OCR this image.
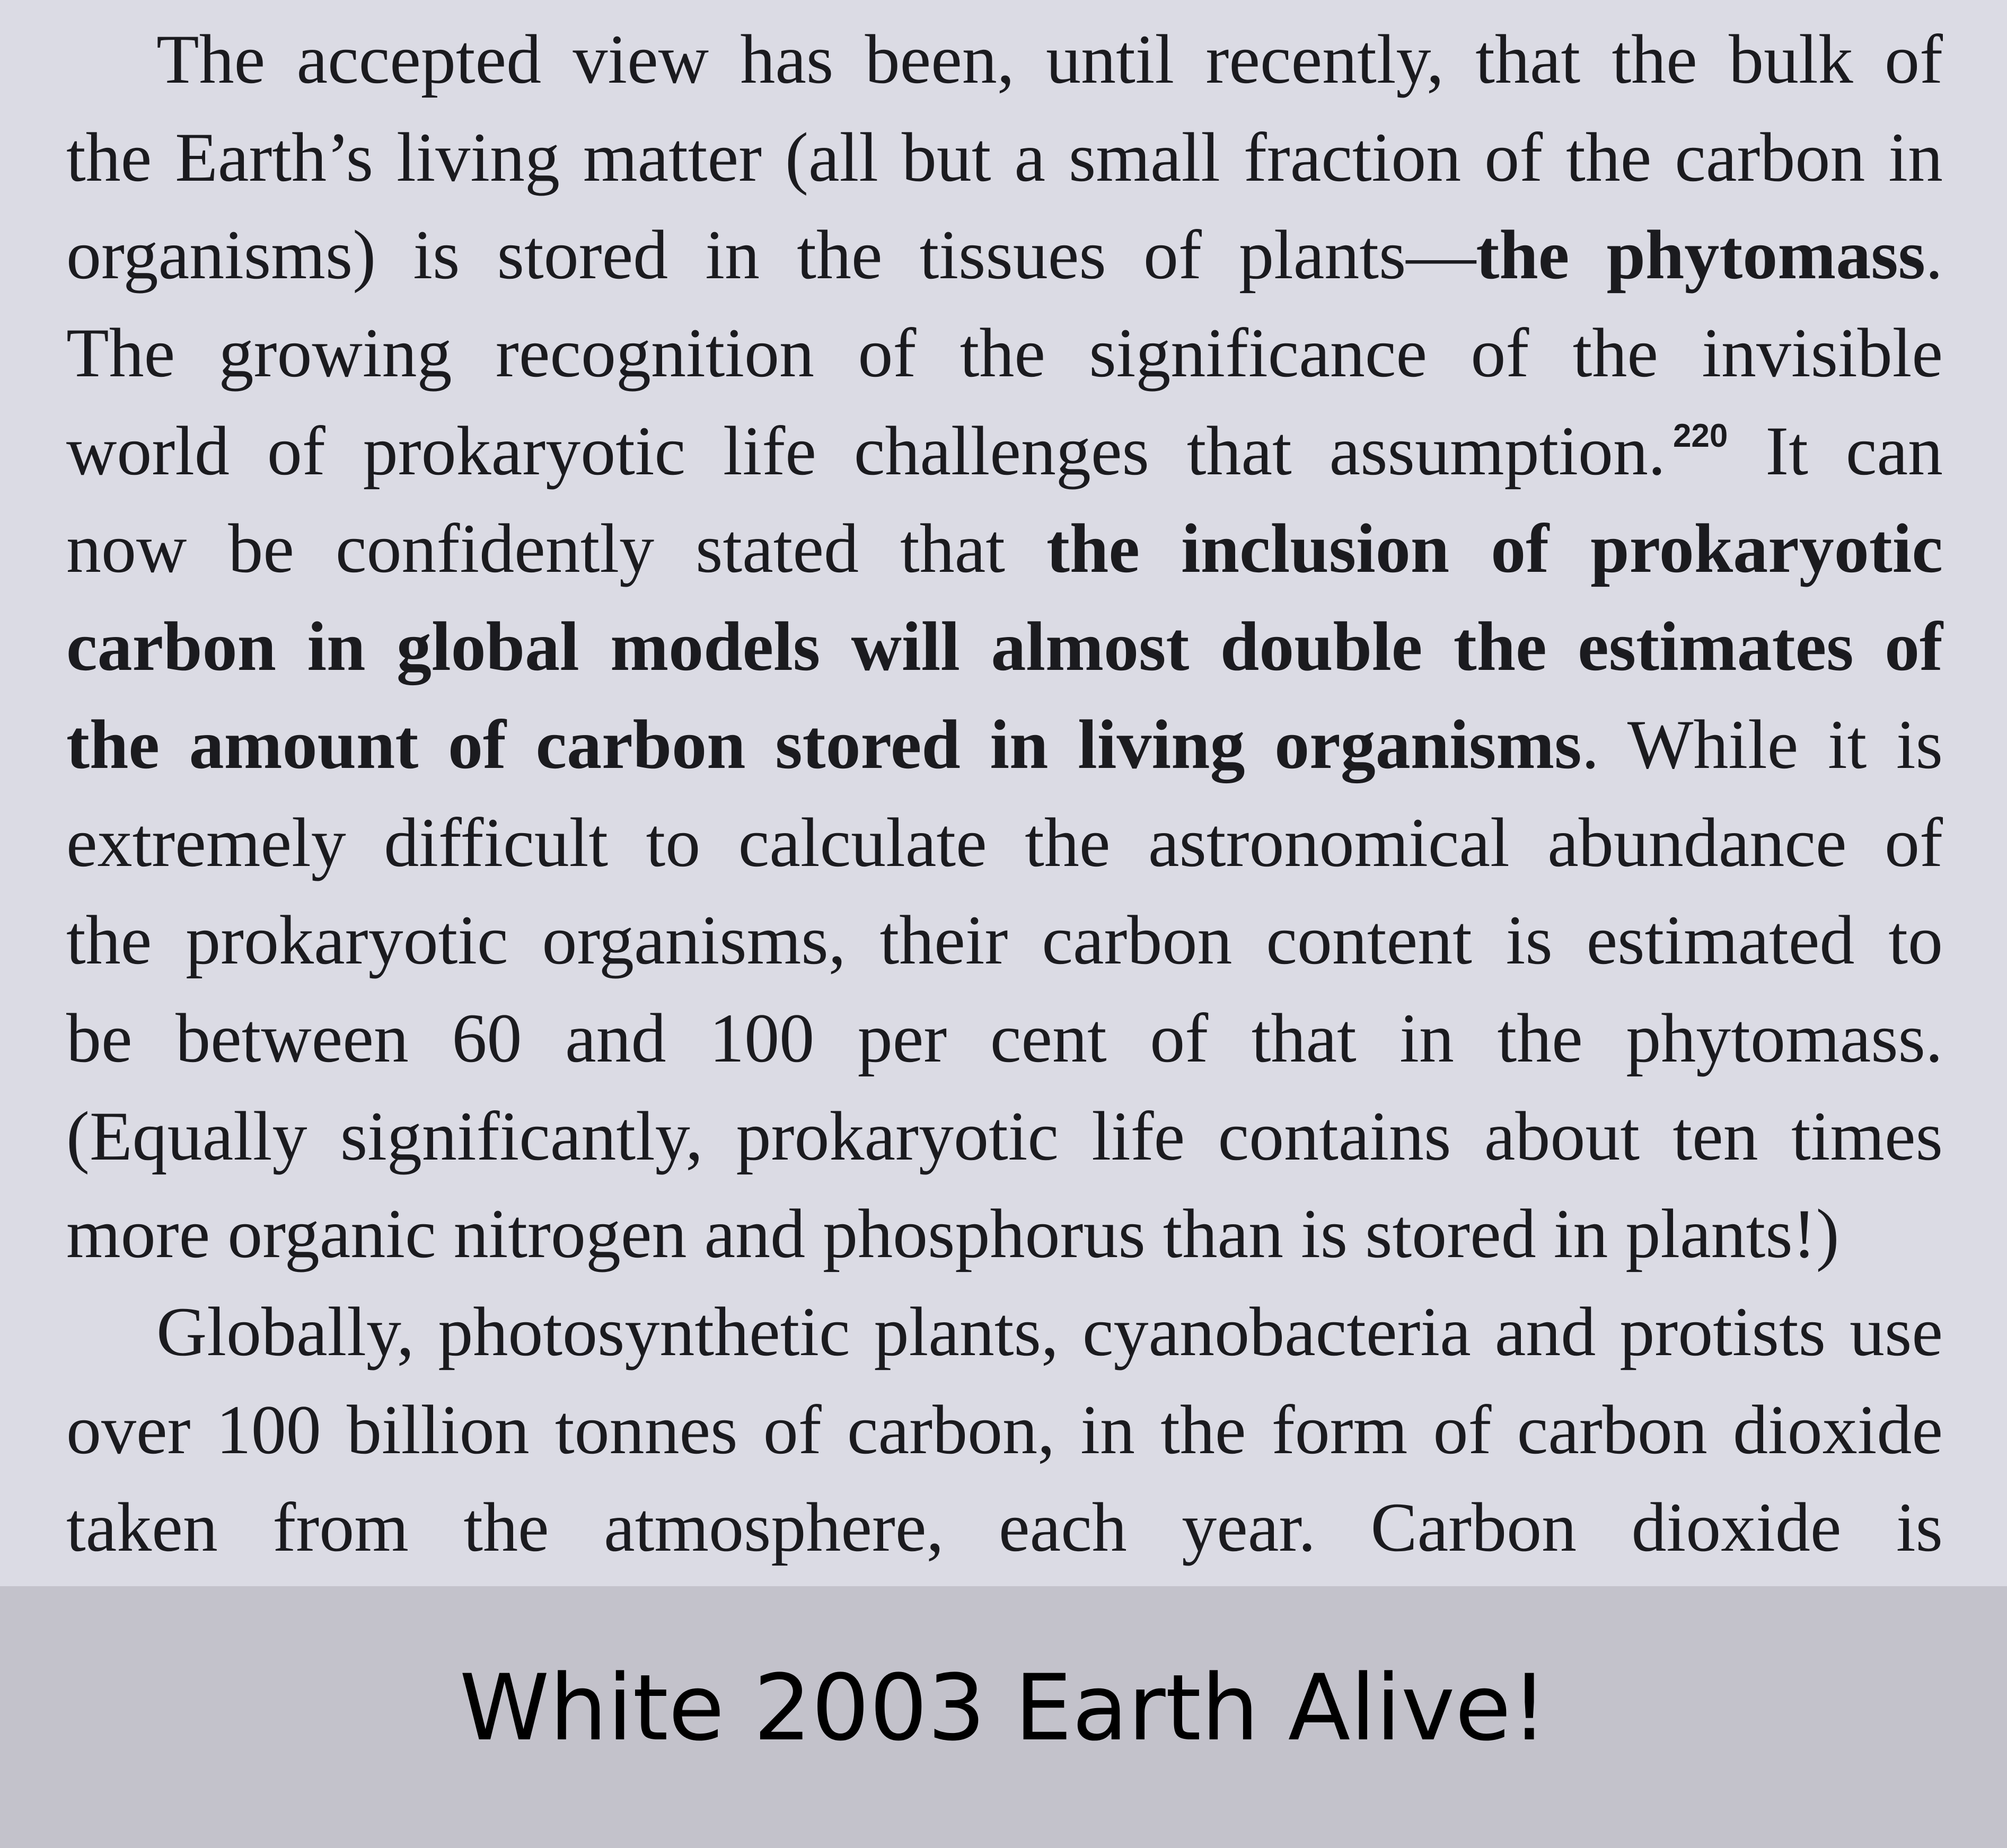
The accepted view has been, until recently, that the bulk of
the Earth’s living matter (all but a small fraction of the carbon in
organisms) is stored in the tissues of plants—the phytomass.
The growing recognition of the significance of the invisible
world of prokaryotic life challenges that assumption. $^{220}$ It can
now be confidently stated that the inclusion of prokaryotic
carbon in global models will almost double the estimates of
the amount of carbon stored in living organisms. While it is
extremely difficult to calculate the astronomical abundance of
the prokaryotic organisms, their carbon content is estimated to
be between 60 and 100 per cent of that in the phytomass.
(Equally significantly, prokaryotic life contains about ten times
more organic nitrogen and phosphorus than is stored in plants!)
Globally, photosynthetic plants, cyanobacteria and protists use
over 100 billion tonnes of carbon, in the form of carbon dioxide
taken from the atmosphere, each year. Carbon dioxide is
White 2003 Earth Alive!
